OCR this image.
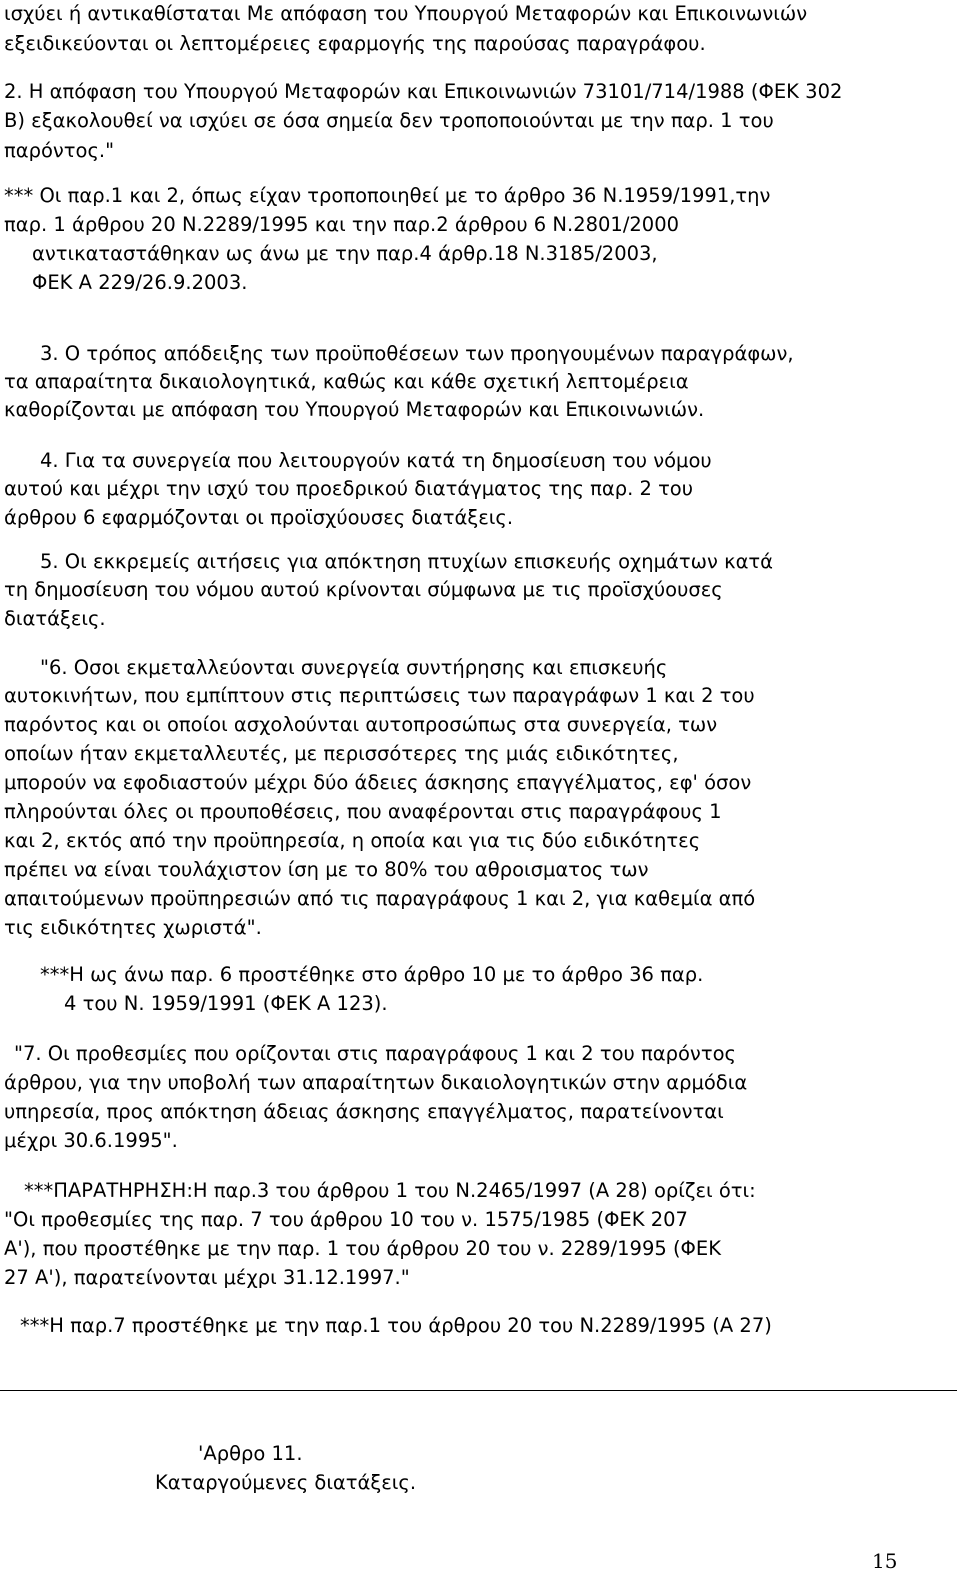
ισχύει ή αντικαθίσταται Με απόφαση του Υπουργού Μεταφορών και Επικοινωνιών
εξειδικεύονται οι λεπτομέρειες εφαρμογής της παρούσας παραγράφου.
2. Η απόφαση του Υπουργού Μεταφορών και Επικοινωνιών 73101/714/1988 (ΦΕΚ 302
Β) εξακολουθεί να ισχύει σε όσα σημεία δεν τροποποιούνται με την παρ. 1 του
παρόντος."
*** Οι παρ.1 και 2, όπως είχαν τροποποιηθεί με το άρθρο 36 Ν.1959/1991,την
παρ. 1 άρθρου 20 Ν.2289/1995 και την παρ.2 άρθρου 6 Ν.2801/2000
αντικαταστάθηκαν ως άνω με την παρ.4 άρθρ.18 Ν.3185/2003,
ΦΕΚ Α 229/26.9.2003.
3. Ο τρόπος απόδειξης των προϋποθέσεων των προηγουμένων παραγράφων,
τα απαραίτητα δικαιολογητικά, καθώς και κάθε σχετική λεπτομέρεια
καθορίζονται με απόφαση του Υπουργού Μεταφορών και Επικοινωνιών.
4. Για τα συνεργεία που λειτουργούν κατά τη δημοσίευση του νόμου
αυτού και μέχρι την ισχύ του προεδρικού διατάγματος της παρ. 2 του
άρθρου 6 εφαρμόζονται οι προϊσχύουσες διατάξεις.
5. Οι εκκρεμείς αιτήσεις για απόκτηση πτυχίων επισκευής οχημάτων κατά
τη δημοσίευση του νόμου αυτού κρίνονται σύμφωνα με τις προϊσχύουσες
διατάξεις.
"6. Οσοι εκμεταλλεύονται συνεργεία συντήρησης και επισκευής
αυτοκινήτων, που εμπίπτουν στις περιπτώσεις των παραγράφων 1 και 2 του
παρόντος και οι οποίοι ασχολούνται αυτοπροσώπως στα συνεργεία, των
οποίων ήταν εκμεταλλευτές, με περισσότερες της μιάς ειδικότητες,
μπορούν να εφοδιαστούν μέχρι δύο άδειες άσκησης επαγγέλματος, εφ' όσον
πληρούνται όλες οι προυποθέσεις, που αναφέρονται στις παραγράφους 1
και 2, εκτός από την προϋπηρεσία, η οποία και για τις δύο ειδικότητες
πρέπει να είναι τουλάχιστον ίση με το 80% του αθροισματος των
απαιτούμενων προϋπηρεσιών από τις παραγράφους 1 και 2, για καθεμία από
τις ειδικότητες χωριστά".
***Η ως άνω παρ. 6 προστέθηκε στο άρθρο 10 με το άρθρο 36 παρ.
4 του Ν. 1959/1991 (ΦΕΚ Α 123).
"7. Οι προθεσμίες που ορίζονται στις παραγράφους 1 και 2 του παρόντος
άρθρου, για την υποβολή των απαραίτητων δικαιολογητικών στην αρμόδια
υπηρεσία, προς απόκτηση άδειας άσκησης επαγγέλματος, παρατείνονται
μέχρι 30.6.1995".
***ΠΑΡΑΤΗΡΗΣΗ:Η παρ.3 του άρθρου 1 του Ν.2465/1997 (Α 28) ορίζει ότι:
"Οι προθεσμίες της παρ. 7 του άρθρου 10 του ν. 1575/1985 (ΦΕΚ 207
Α'), που προστέθηκε με την παρ. 1 του άρθρου 20 του ν. 2289/1995 (ΦΕΚ
27 Α'), παρατείνονται μέχρι 31.12.1997."
***Η παρ.7 προστέθηκε με την παρ.1 του άρθρου 20 του Ν.2289/1995 (Α 27)
'Αρθρο 11.
Καταργούμενες διατάξεις.
15
